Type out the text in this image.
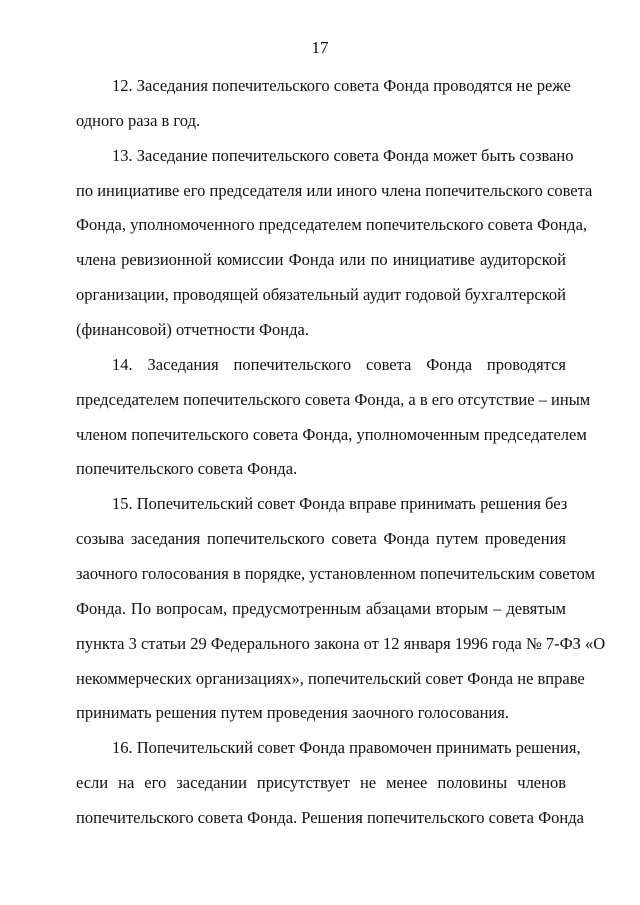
17
12. Заседания попечительского совета Фонда проводятся не реже
одного раза в год.
13. Заседание попечительского совета Фонда может быть созвано
по инициативе его председателя или иного члена попечительского совета
Фонда, уполномоченного председателем попечительского совета Фонда,
члена ревизионной комиссии Фонда или по инициативе аудиторской
организации, проводящей обязательный аудит годовой бухгалтерской
(финансовой) отчетности Фонда.
14. Заседания попечительского совета Фонда проводятся
председателем попечительского совета Фонда, а в его отсутствие – иным
членом попечительского совета Фонда, уполномоченным председателем
попечительского совета Фонда.
15. Попечительский совет Фонда вправе принимать решения без
созыва заседания попечительского совета Фонда путем проведения
заочного голосования в порядке, установленном попечительским советом
Фонда. По вопросам, предусмотренным абзацами вторым – девятым
пункта 3 статьи 29 Федерального закона от 12 января 1996 года № 7-ФЗ «О
некоммерческих организациях», попечительский совет Фонда не вправе
принимать решения путем проведения заочного голосования.
16. Попечительский совет Фонда правомочен принимать решения,
если на его заседании присутствует не менее половины членов
попечительского совета Фонда. Решения попечительского совета Фонда
